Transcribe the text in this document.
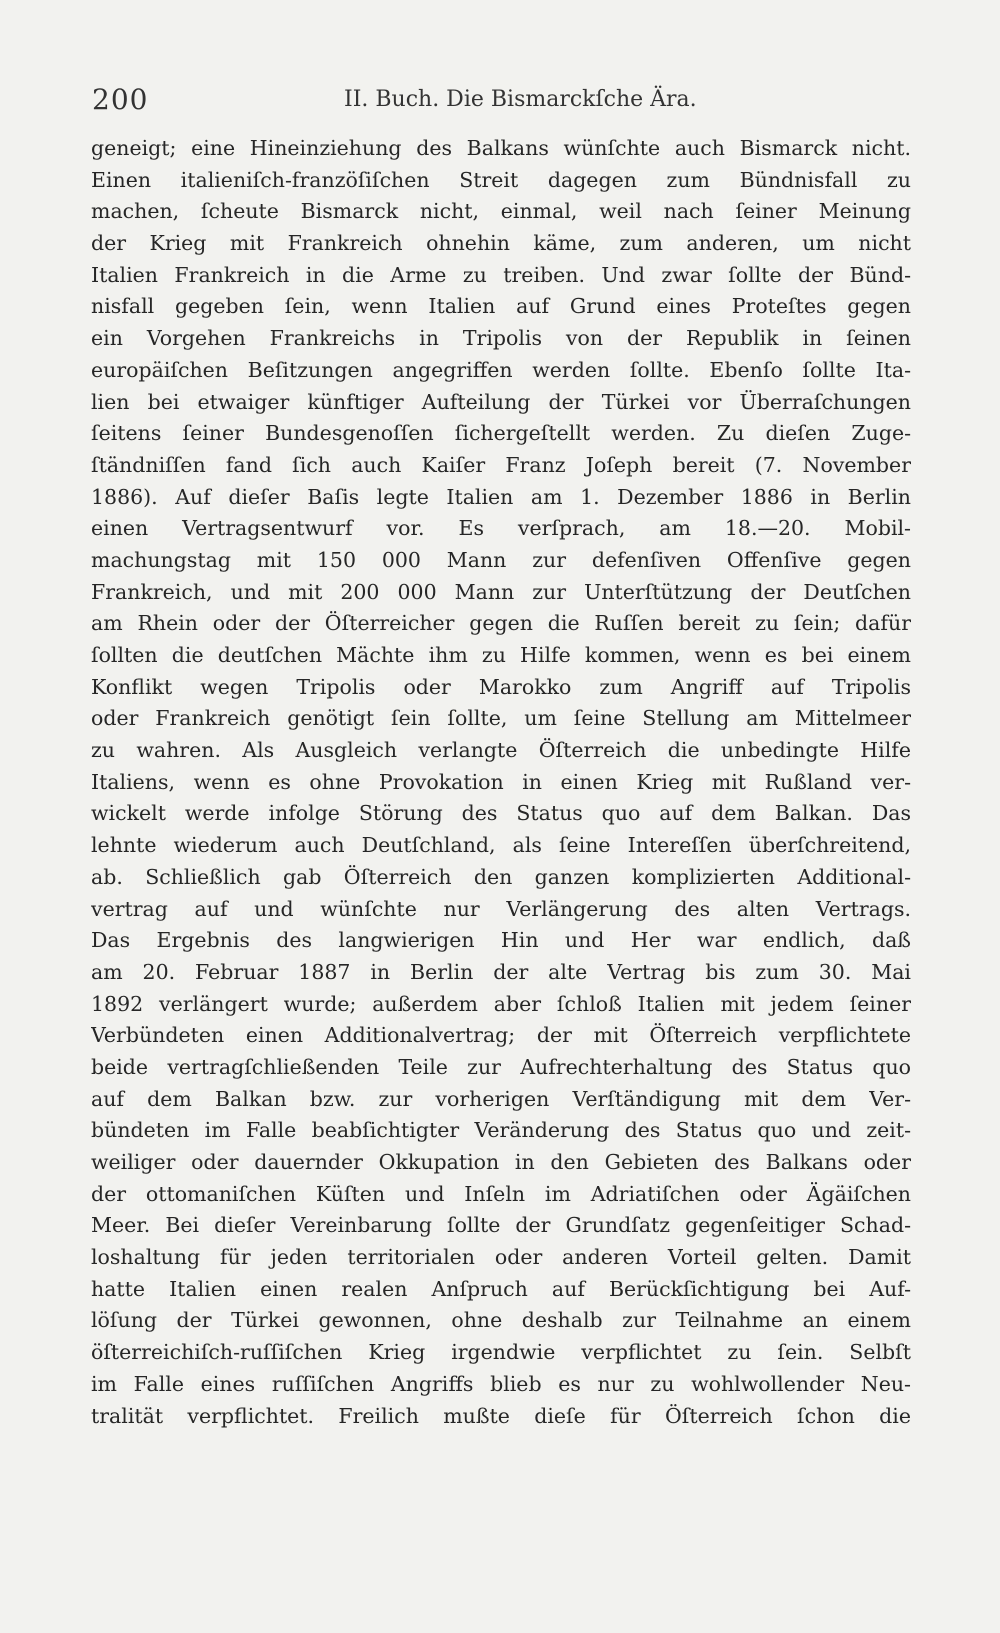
200	II. Buch. Die Bismarckſche Ära.
geneigt; eine Hineinziehung des Balkans wünſchte auch Bismarck nicht.
Einen italieniſch-franzöſiſchen Streit dagegen zum Bündnisfall zu
machen, ſcheute Bismarck nicht, einmal, weil nach ſeiner Meinung
der Krieg mit Frankreich ohnehin käme, zum anderen, um nicht
Italien Frankreich in die Arme zu treiben. Und zwar ſollte der Bünd-
nisfall gegeben ſein, wenn Italien auf Grund eines Proteſtes gegen
ein Vorgehen Frankreichs in Tripolis von der Republik in ſeinen
europäiſchen Beſitzungen angegriffen werden ſollte. Ebenſo ſollte Ita-
lien bei etwaiger künftiger Aufteilung der Türkei vor Überraſchungen
ſeitens ſeiner Bundesgenoſſen ſichergeſtellt werden. Zu dieſen Zuge-
ſtändniſſen fand ſich auch Kaiſer Franz Joſeph bereit (7. November
1886). Auf dieſer Baſis legte Italien am 1. Dezember 1886 in Berlin
einen Vertragsentwurf vor. Es verſprach, am 18.—20. Mobil-
machungstag mit 150 000 Mann zur defenſiven Offenſive gegen
Frankreich, und mit 200 000 Mann zur Unterſtützung der Deutſchen
am Rhein oder der Öſterreicher gegen die Ruſſen bereit zu ſein; dafür
ſollten die deutſchen Mächte ihm zu Hilfe kommen, wenn es bei einem
Konflikt wegen Tripolis oder Marokko zum Angriff auf Tripolis
oder Frankreich genötigt ſein ſollte, um ſeine Stellung am Mittelmeer
zu wahren. Als Ausgleich verlangte Öſterreich die unbedingte Hilfe
Italiens, wenn es ohne Provokation in einen Krieg mit Rußland ver-
wickelt werde infolge Störung des Status quo auf dem Balkan. Das
lehnte wiederum auch Deutſchland, als ſeine Intereſſen überſchreitend,
ab. Schließlich gab Öſterreich den ganzen komplizierten Additional-
vertrag auf und wünſchte nur Verlängerung des alten Vertrags.
Das Ergebnis des langwierigen Hin und Her war endlich, daß
am 20. Februar 1887 in Berlin der alte Vertrag bis zum 30. Mai
1892 verlängert wurde; außerdem aber ſchloß Italien mit jedem ſeiner
Verbündeten einen Additionalvertrag; der mit Öſterreich verpflichtete
beide vertragſchließenden Teile zur Aufrechterhaltung des Status quo
auf dem Balkan bzw. zur vorherigen Verſtändigung mit dem Ver-
bündeten im Falle beabſichtigter Veränderung des Status quo und zeit-
weiliger oder dauernder Okkupation in den Gebieten des Balkans oder
der ottomaniſchen Küſten und Inſeln im Adriatiſchen oder Ägäiſchen
Meer. Bei dieſer Vereinbarung ſollte der Grundſatz gegenſeitiger Schad-
loshaltung für jeden territorialen oder anderen Vorteil gelten. Damit
hatte Italien einen realen Anſpruch auf Berückſichtigung bei Auf-
löſung der Türkei gewonnen, ohne deshalb zur Teilnahme an einem
öſterreichiſch-ruſſiſchen Krieg irgendwie verpflichtet zu ſein. Selbſt
im Falle eines ruſſiſchen Angriffs blieb es nur zu wohlwollender Neu-
tralität verpflichtet. Freilich mußte dieſe für Öſterreich ſchon die
